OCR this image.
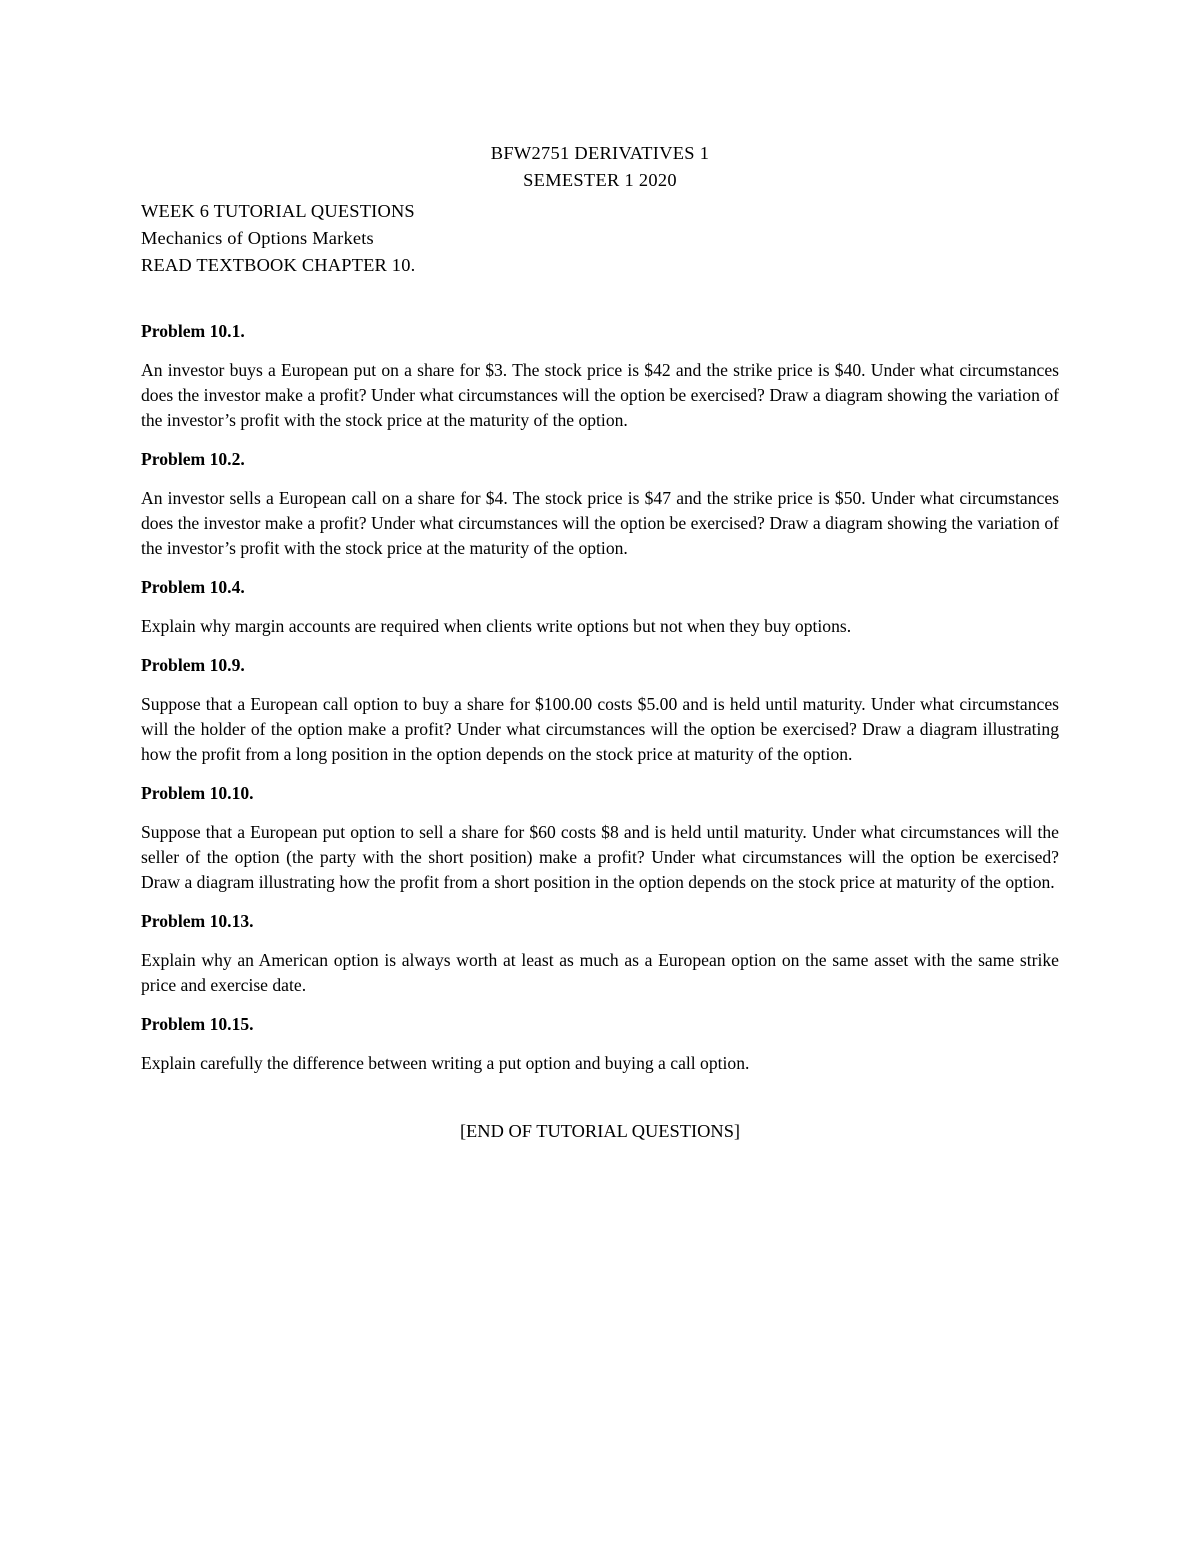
BFW2751 DERIVATIVES 1
SEMESTER 1 2020
WEEK 6 TUTORIAL QUESTIONS
Mechanics of Options Markets
READ TEXTBOOK CHAPTER 10.

Problem 10.1.

An investor buys a European put on a share for $3. The stock price is $42 and the strike price is $40. Under what circumstances does the investor make a profit? Under what circumstances will the option be exercised? Draw a diagram showing the variation of the investor’s profit with the stock price at the maturity of the option.

Problem 10.2.

An investor sells a European call on a share for $4. The stock price is $47 and the strike price is $50. Under what circumstances does the investor make a profit? Under what circumstances will the option be exercised? Draw a diagram showing the variation of the investor’s profit with the stock price at the maturity of the option.

Problem 10.4.

Explain why margin accounts are required when clients write options but not when they buy options.

Problem 10.9.

Suppose that a European call option to buy a share for $100.00 costs $5.00 and is held until maturity. Under what circumstances will the holder of the option make a profit? Under what circumstances will the option be exercised? Draw a diagram illustrating how the profit from a long position in the option depends on the stock price at maturity of the option.

Problem 10.10.

Suppose that a European put option to sell a share for $60 costs $8 and is held until maturity. Under what circumstances will the seller of the option (the party with the short position) make a profit? Under what circumstances will the option be exercised? Draw a diagram illustrating how the profit from a short position in the option depends on the stock price at maturity of the option.

Problem 10.13.

Explain why an American option is always worth at least as much as a European option on the same asset with the same strike price and exercise date.

Problem 10.15.

Explain carefully the difference between writing a put option and buying a call option.

[END OF TUTORIAL QUESTIONS]
